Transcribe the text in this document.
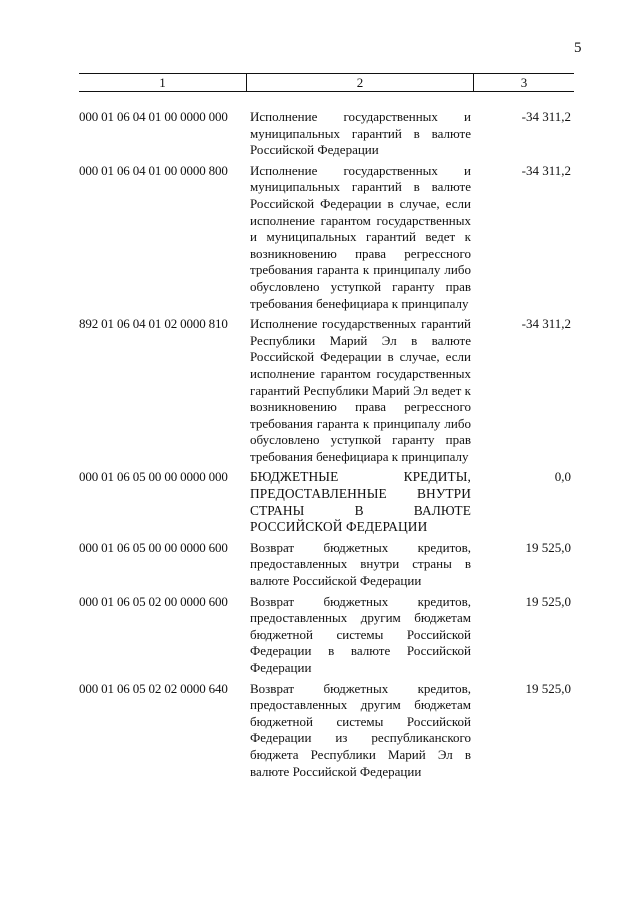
5
1	2	3
000 01 06 04 01 00 0000 000 Исполнение государственных и муниципальных гарантий в валюте Российской Федерации
-34 311,2
000 01 06 04 01 00 0000 800 Исполнение государственных и муниципальных гарантий в валюте Российской Федерации в случае, если исполнение гарантом государственных и муниципальных гарантий ведет к возникновению права регрессного требования гаранта к принципалу либо обусловлено уступкой гаранту прав требования бенефициара к принципалу
-34 311,2
892 01 06 04 01 02 0000 810 Исполнение государственных гарантий Республики Марий Эл в валюте Российской Федерации в случае, если исполнение гарантом государственных гарантий Республики Марий Эл ведет к возникновению права регрессного требования гаранта к принципалу либо обусловлено уступкой гаранту прав требования бенефициара к принципалу
-34 311,2
000 01 06 05 00 00 0000 000 БЮДЖЕТНЫЕ КРЕДИТЫ, ПРЕДОСТАВЛЕННЫЕ ВНУТРИ СТРАНЫ В ВАЛЮТЕ РОССИЙСКОЙ ФЕДЕРАЦИИ
0,0
000 01 06 05 00 00 0000 600 Возврат бюджетных кредитов, предоставленных внутри страны в валюте Российской Федерации
19 525,0
000 01 06 05 02 00 0000 600 Возврат бюджетных кредитов, предоставленных другим бюджетам бюджетной системы Российской Федерации в валюте Российской Федерации
19 525,0
000 01 06 05 02 02 0000 640 Возврат бюджетных кредитов, предоставленных другим бюджетам бюджетной системы Российской Федерации из республиканского бюджета Республики Марий Эл в валюте Российской Федерации
19 525,0
